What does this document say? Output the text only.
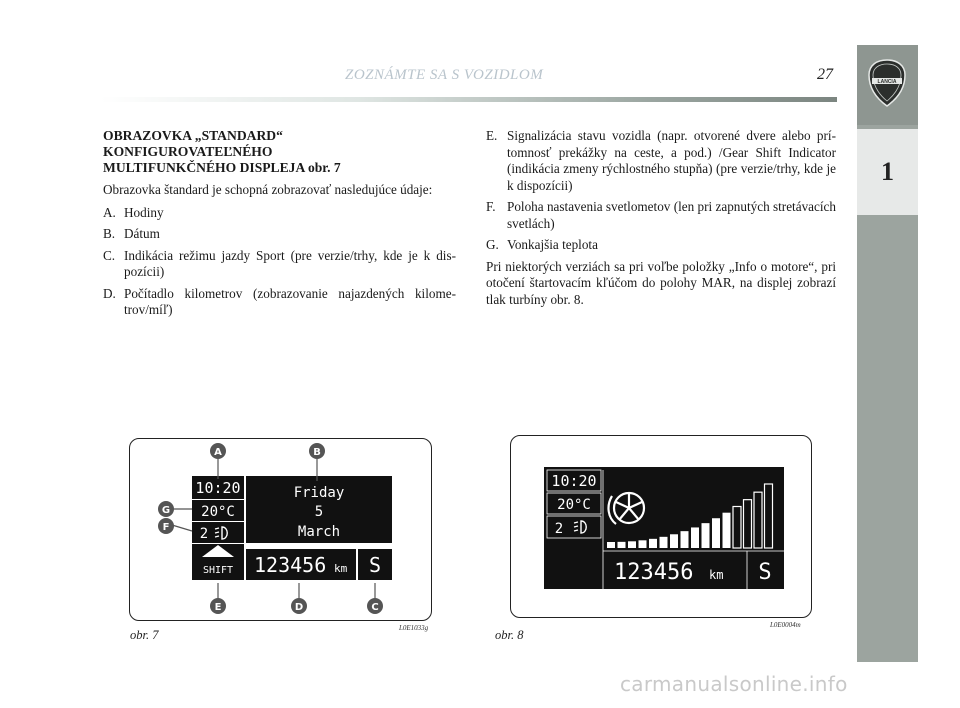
ZOZNÁMTE SA S VOZIDLOM	27	LANCIA
1
OBRAZOVKA „STANDARD“
KONFIGUROVATEĽNÉHO
MULTIFUNKČNÉHO DISPLEJA obr. 7
Obrazovka štandard je schopná zobrazovať nasledujúce údaje:
A. Hodiny
B. Dátum
C. Indikácia režimu jazdy Sport (pre verzie/trhy, kde je k dispozícii)
D. Počítadlo kilometrov (zobrazovanie najazdených kilometrov/míľ)
E. Signalizácia stavu vozidla (napr. otvorené dvere alebo prítomnosť prekážky na ceste, a pod.) /Gear Shift Indicator (indikácia zmeny rýchlostného stupňa) (pre verzie/trhy, kde je k dispozícii)
F. Poloha nastavenia svetlometov (len pri zapnutých stretávacích svetlách)
G. Vonkajšia teplota
Pri niektorých verziách sa pri voľbe položky „Info o motore“, pri otočení štartovacím kľúčom do polohy MAR, na displej zobrazí tlak turbíny obr. 8.
10:20
20°C
2
SHIFT
Friday
5
March
123456 km S
A	B
G
F
E	D	C
obr. 7	L0E1033g
10:20
20°C
2
123456 km S
obr. 8
L0E0004m
carmanualsonline.info
